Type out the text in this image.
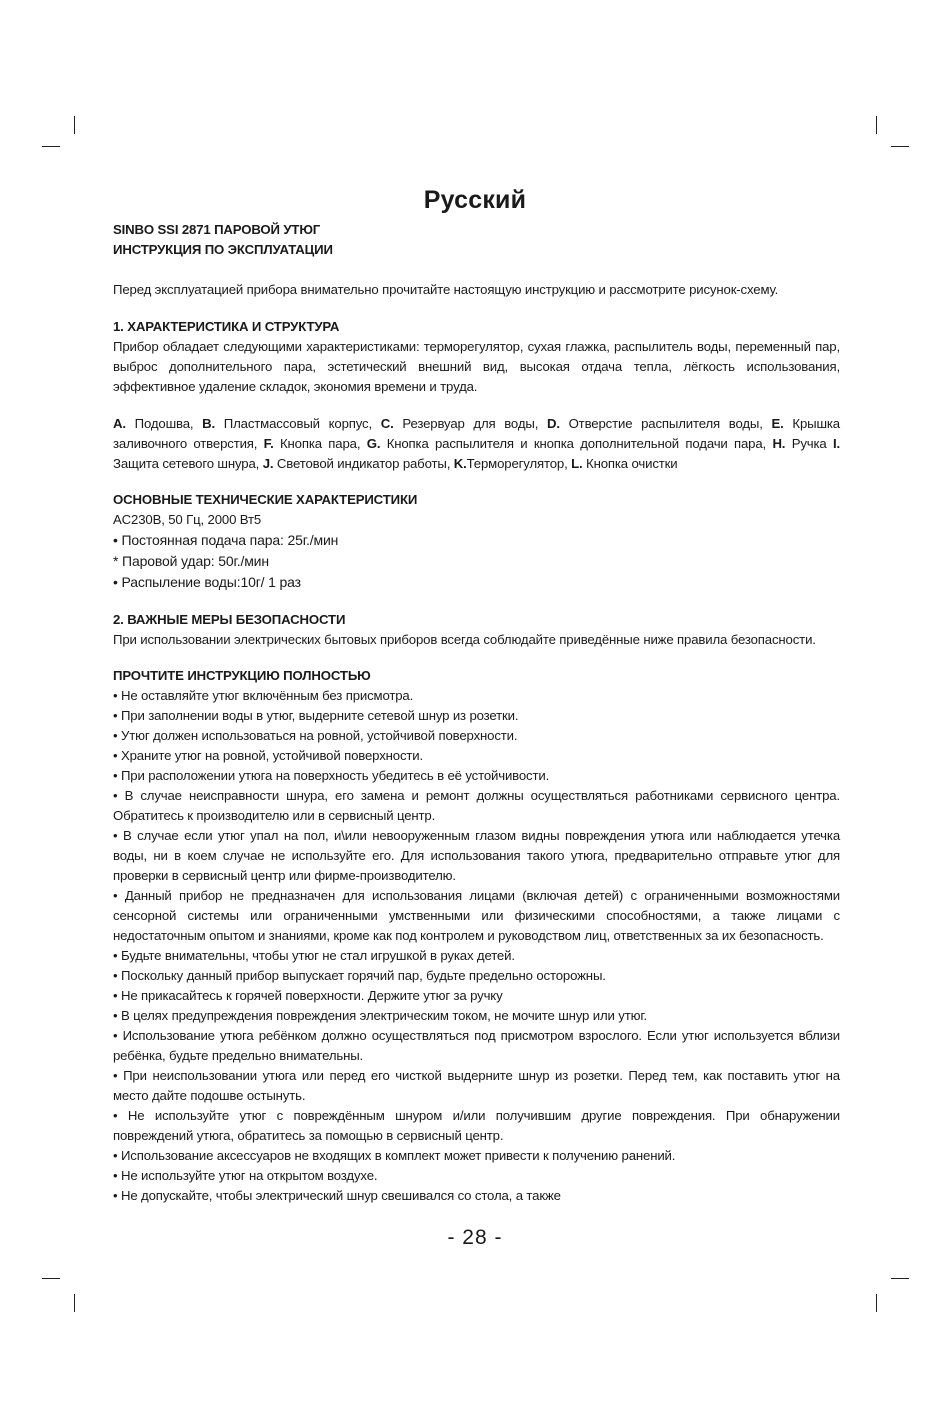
Русский

SINBO SSI 2871 ПАРОВОЙ УТЮГ

ИНСТРУКЦИЯ ПО ЭКСПЛУАТАЦИИ

Перед эксплуатацией прибора внимательно прочитайте настоящую инструкцию и рассмотрите рисунок-схему.

1. ХАРАКТЕРИСТИКА И СТРУКТУРА

Прибор обладает следующими характеристиками: терморегулятор, сухая глажка, распылитель воды, переменный пар, выброс дополнительного пара, эстетический внешний вид, высокая отдача тепла, лёгкость использования, эффективное удаление складок, экономия времени и труда.

A. Подошва, B. Пластмассовый корпус, C. Резервуар для воды, D. Отверстие распылителя воды, E. Крышка заливочного отверстия, F. Кнопка пара, G. Кнопка распылителя и кнопка дополнительной подачи пара, H. Ручка I. Защита сетевого шнура, J. Световой индикатор работы, K.Терморегулятор, L. Кнопка очистки

ОСНОВНЫЕ ТЕХНИЧЕСКИЕ ХАРАКТЕРИСТИКИ

AC230B, 50 Гц, 2000 Вт5

• Постоянная подача пара: 25г./мин

* Паровой удар: 50г./мин

• Распыление воды:10г/ 1 раз

2. ВАЖНЫЕ МЕРЫ БЕЗОПАСНОСТИ

При использовании электрических бытовых приборов всегда соблюдайте приведённые ниже правила безопасности.

ПРОЧТИТЕ ИНСТРУКЦИЮ ПОЛНОСТЬЮ

• Не оставляйте утюг включённым без присмотра.

• При заполнении воды в утюг, выдерните сетевой шнур из розетки.

• Утюг должен использоваться на ровной, устойчивой поверхности.

• Храните утюг на ровной, устойчивой поверхности.

• При расположении утюга на поверхность убедитесь в её устойчивости.

• В случае неисправности шнура, его замена и ремонт должны осуществляться работниками сервисного центра. Обратитесь к производителю или в сервисный центр.

• В случае если утюг упал на пол, и\или невооруженным глазом видны повреждения утюга или наблюдается утечка воды, ни в коем случае не используйте его. Для использования такого утюга, предварительно отправьте утюг для проверки в сервисный центр или фирме-производителю.

• Данный прибор не предназначен для использования лицами (включая детей) с ограниченными возможностями сенсорной системы или ограниченными умственными или физическими способностями, а также лицами с недостаточным опытом и знаниями, кроме как под контролем и руководством лиц, ответственных за их безопасность.

• Будьте внимательны, чтобы утюг не стал игрушкой в руках детей.

• Поскольку данный прибор выпускает горячий пар, будьте предельно осторожны.

• Не прикасайтесь к горячей поверхности. Держите утюг за ручку

• В целях предупреждения повреждения электрическим током, не мочите шнур или утюг.

• Использование утюга ребёнком должно осуществляться под присмотром взрослого. Если утюг используется вблизи ребёнка, будьте предельно внимательны.

• При неиспользовании утюга или перед его чисткой выдерните шнур из розетки. Перед тем, как поставить утюг на место дайте подошве остынуть.

• Не используйте утюг с повреждённым шнуром и/или получившим другие повреждения. При обнаружении повреждений утюга, обратитесь за помощью в сервисный центр.

• Использование аксессуаров не входящих в комплект может привести к получению ранений.

• Не используйте утюг на открытом воздухе.

• Не допускайте, чтобы электрический шнур свешивался со стола, а также

- 28 -
